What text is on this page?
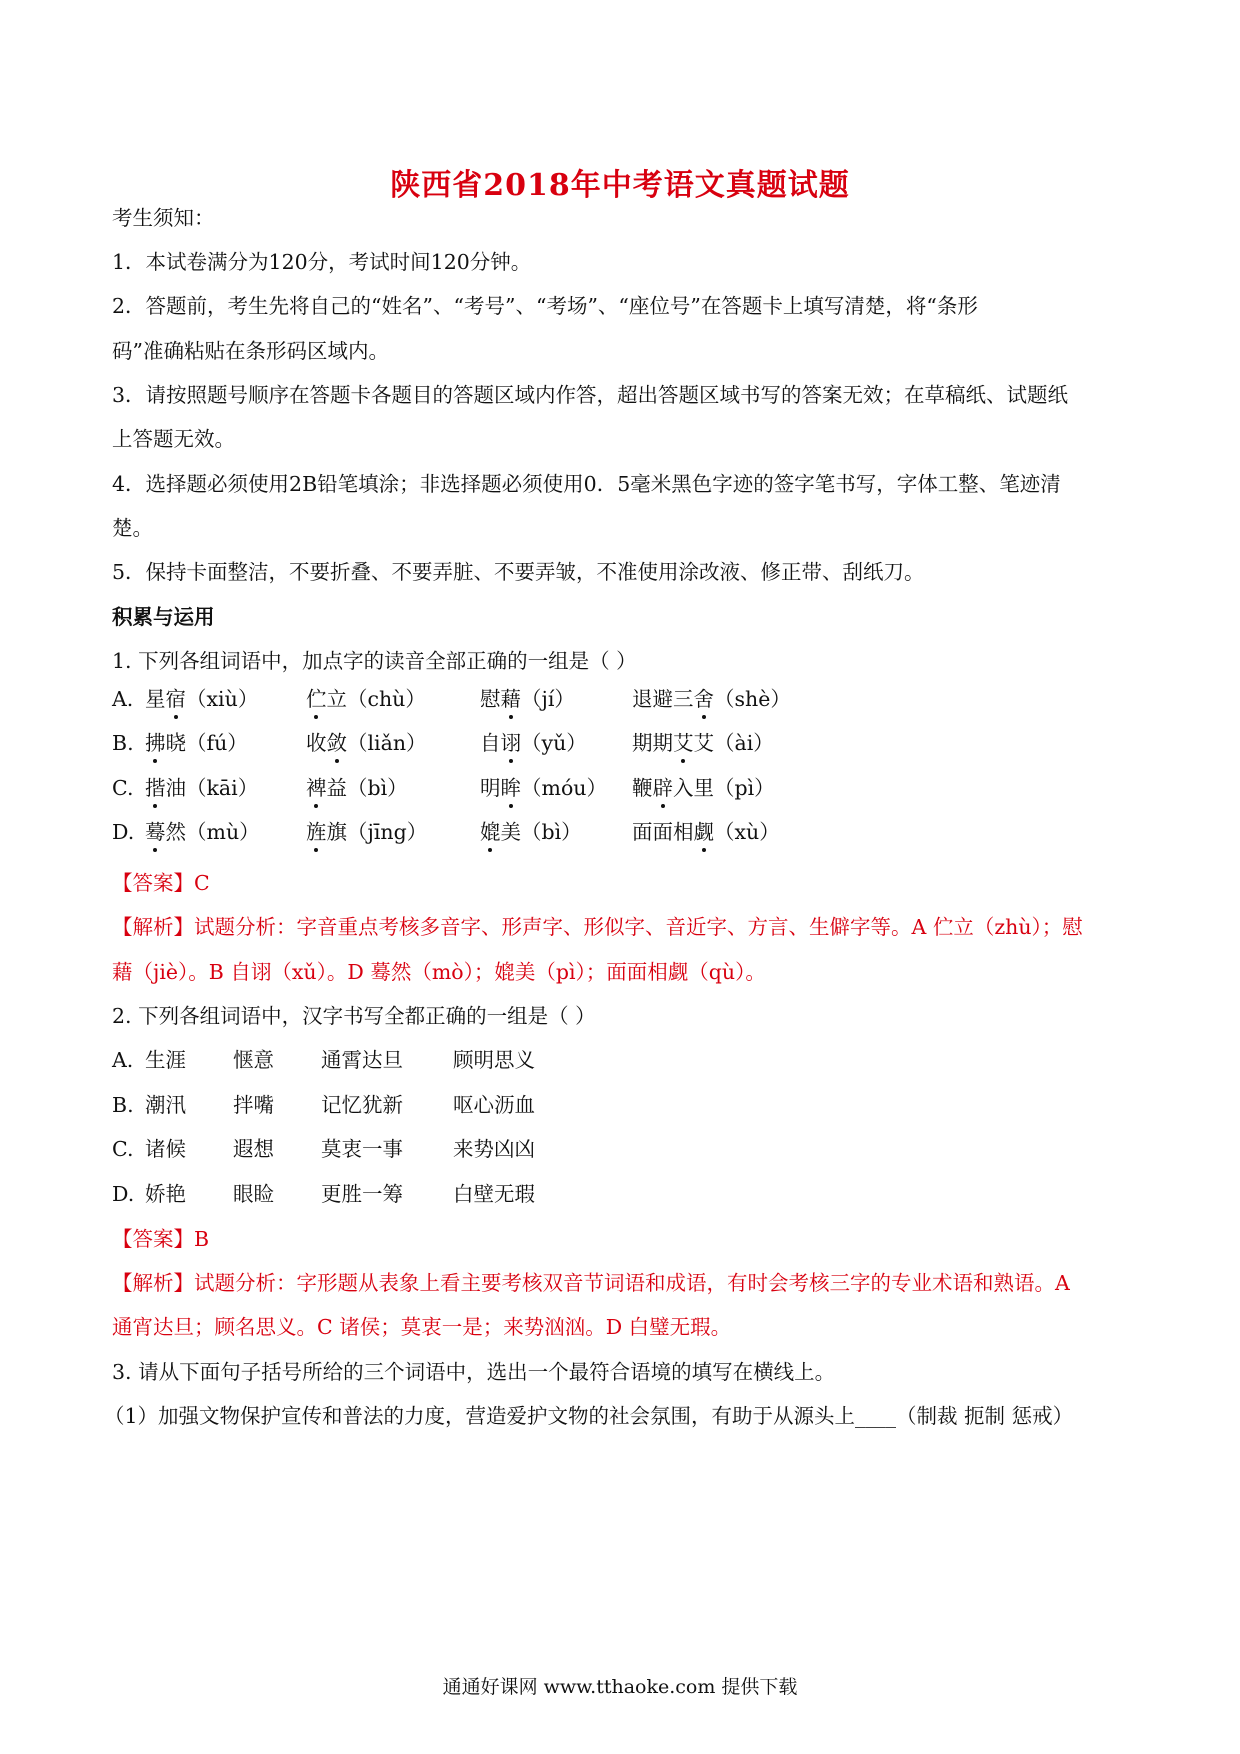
陕西省2018年中考语文真题试题
考生须知：
1．本试卷满分为120分，考试时间120分钟。
2．答题前，考生先将自己的“姓名”、“考号”、“考场”、“座位号”在答题卡上填写清楚，将“条形
码”准确粘贴在条形码区域内。
3．请按照题号顺序在答题卡各题目的答题区域内作答，超出答题区域书写的答案无效；在草稿纸、试题纸
上答题无效。
4．选择题必须使用2B铅笔填涂；非选择题必须使用0．5毫米黑色字迹的签字笔书写，字体工整、笔迹清
楚。
5．保持卡面整洁，不要折叠、不要弄脏、不要弄皱，不准使用涂改液、修正带、刮纸刀。
积累与运用
1. 下列各组词语中，加点字的读音全部正确的一组是（ ）
A. 星宿（xiù） 伫立（chù）	慰藉（jí）	退避三舍（shè）
B. 拂晓（fú）	收敛（liǎn）	自诩（yǔ） 期期艾艾（ài）
C. 揩油（kāi） 裨益（bì）	明眸（móu） 鞭辟入里（pì）
D. 蓦然（mù） 旌旗（jīng）	媲美（bì） 面面相觑（xù）
【答案】C
【解析】试题分析：字音重点考核多音字、形声字、形似字、音近字、方言、生僻字等。A 伫立（zhù）；慰
藉（jiè）。B 自诩（xǔ）。D 蓦然（mò）；媲美（pì）；面面相觑（qù）。
2. 下列各组词语中，汉字书写全都正确的一组是（ ）
A. 生涯 惬意 通霄达旦 顾明思义
B. 潮汛 拌嘴 记忆犹新 呕心沥血
C. 诸候 遐想 莫衷一事 来势凶凶
D. 娇艳 眼睑 更胜一筹 白壁无瑕
【答案】B
【解析】试题分析：字形题从表象上看主要考核双音节词语和成语，有时会考核三字的专业术语和熟语。A
通宵达旦；顾名思义。C 诸侯；莫衷一是；来势汹汹。D 白璧无瑕。
3. 请从下面句子括号所给的三个词语中，选出一个最符合语境的填写在横线上。
（1）加强文物保护宣传和普法的力度，营造爱护文物的社会氛围，有助于从源头上____（制裁 扼制 惩戒）
通通好课网 www.tthaoke.com 提供下载
